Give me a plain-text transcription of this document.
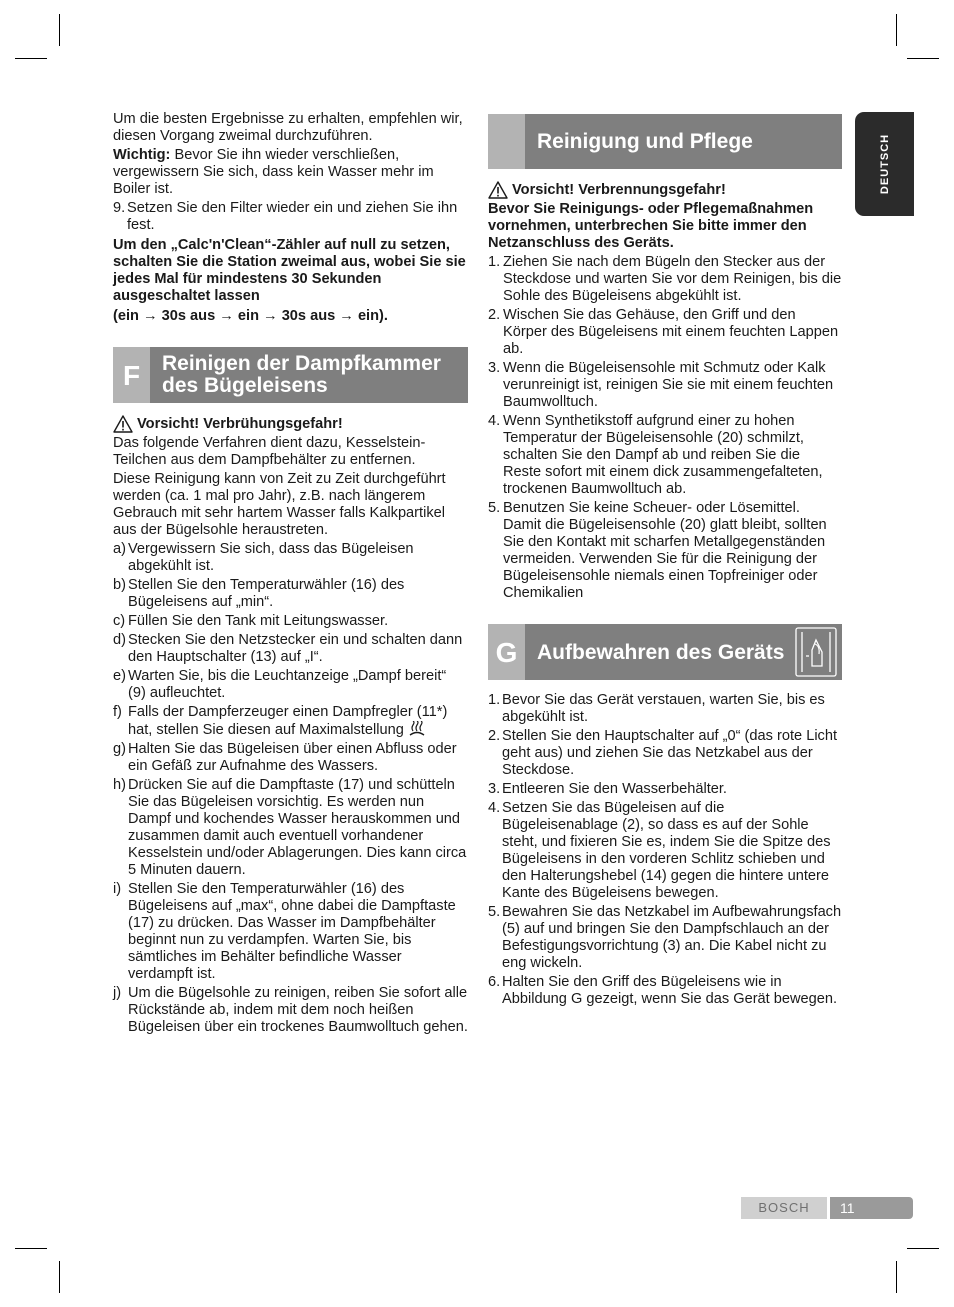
DEUTSCH

Um die besten Ergebnisse zu erhalten, empfehlen wir, diesen Vorgang zweimal durchzuführen.

Wichtig: Bevor Sie ihn wieder verschließen, vergewissern Sie sich, dass kein Wasser mehr im Boiler ist.

9. Setzen Sie den Filter wieder ein und ziehen Sie ihn fest.

Um den „Calc'n'Clean“-Zähler auf null zu setzen, schalten Sie die Station zweimal aus, wobei Sie sie jedes Mal für mindestens 30 Sekunden ausgeschaltet lassen

(ein → 30s aus → ein → 30s aus → ein).

F	Reinigen der Dampfkammer des Bügeleisens
Vorsicht! Verbrühungsgefahr!

Das folgende Verfahren dient dazu, Kesselstein-Teilchen aus dem Dampfbehälter zu entfernen.

Diese Reinigung kann von Zeit zu Zeit durchgeführt werden (ca. 1 mal pro Jahr), z.B. nach längerem Gebrauch mit sehr hartem Wasser falls Kalkpartikel aus der Bügelsohle heraustreten.

a) Vergewissern Sie sich, dass das Bügeleisen abgekühlt ist.
b) Stellen Sie den Temperaturwähler (16) des Bügeleisens auf „min“.
c) Füllen Sie den Tank mit Leitungswasser.
d) Stecken Sie den Netzstecker ein und schalten dann den Hauptschalter (13) auf „I“.
e) Warten Sie, bis die Leuchtanzeige „Dampf bereit“ (9) aufleuchtet.
f) Falls der Dampferzeuger einen Dampfregler (11*) hat, stellen Sie diesen auf Maximalstellung
g) Halten Sie das Bügeleisen über einen Abfluss oder ein Gefäß zur Aufnahme des Wassers.
h) Drücken Sie auf die Dampftaste (17) und schütteln Sie das Bügeleisen vorsichtig. Es werden nun Dampf und kochendes Wasser herauskommen und zusammen damit auch eventuell vorhandener Kesselstein und/oder Ablagerungen. Dies kann circa 5 Minuten dauern.
i) Stellen Sie den Temperaturwähler (16) des Bügeleisens auf „max“, ohne dabei die Dampftaste (17) zu drücken. Das Wasser im Dampfbehälter beginnt nun zu verdampfen. Warten Sie, bis sämtliches im Behälter befindliche Wasser verdampft ist.
j) Um die Bügelsohle zu reinigen, reiben Sie sofort alle Rückstände ab, indem mit dem noch heißen Bügeleisen über ein trockenes Baumwolltuch gehen.
Reinigung und Pflege
Vorsicht! Verbrennungsgefahr!

Bevor Sie Reinigungs- oder Pflegemaßnahmen vornehmen, unterbrechen Sie bitte immer den Netzanschluss des Geräts.

1. Ziehen Sie nach dem Bügeln den Stecker aus der Steckdose und warten Sie vor dem Reinigen, bis die Sohle des Bügeleisens abgekühlt ist.
2. Wischen Sie das Gehäuse, den Griff und den Körper des Bügeleisens mit einem feuchten Lappen ab.
3. Wenn die Bügeleisensohle mit Schmutz oder Kalk verunreinigt ist, reinigen Sie sie mit einem feuchten Baumwolltuch.
4. Wenn Synthetikstoff aufgrund einer zu hohen Temperatur der Bügeleisensohle (20) schmilzt, schalten Sie den Dampf ab und reiben Sie die Reste sofort mit einem dick zusammengefalteten, trockenen Baumwolltuch ab.
5. Benutzen Sie keine Scheuer- oder Lösemittel. Damit die Bügeleisensohle (20) glatt bleibt, sollten Sie den Kontakt mit scharfen Metallgegenständen vermeiden. Verwenden Sie für die Reinigung der Bügeleisensohle niemals einen Topfreiniger oder Chemikalien
G Aufbewahren des Geräts
1. Bevor Sie das Gerät verstauen, warten Sie, bis es abgekühlt ist.
2. Stellen Sie den Hauptschalter auf „0“ (das rote Licht geht aus) und ziehen Sie das Netzkabel aus der Steckdose.
3. Entleeren Sie den Wasserbehälter.
4. Setzen Sie das Bügeleisen auf die Bügeleisenablage (2), so dass es auf der Sohle steht, und fixieren Sie es, indem Sie die Spitze des Bügeleisens in den vorderen Schlitz schieben und den Halterungshebel (14) gegen die hintere untere Kante des Bügeleisens bewegen.
5. Bewahren Sie das Netzkabel im Aufbewahrungsfach (5) auf und bringen Sie den Dampfschlauch an der Befestigungsvorrichtung (3) an. Die Kabel nicht zu eng wickeln.
6. Halten Sie den Griff des Bügeleisens wie in Abbildung G gezeigt, wenn Sie das Gerät bewegen.
BOSCH	11
